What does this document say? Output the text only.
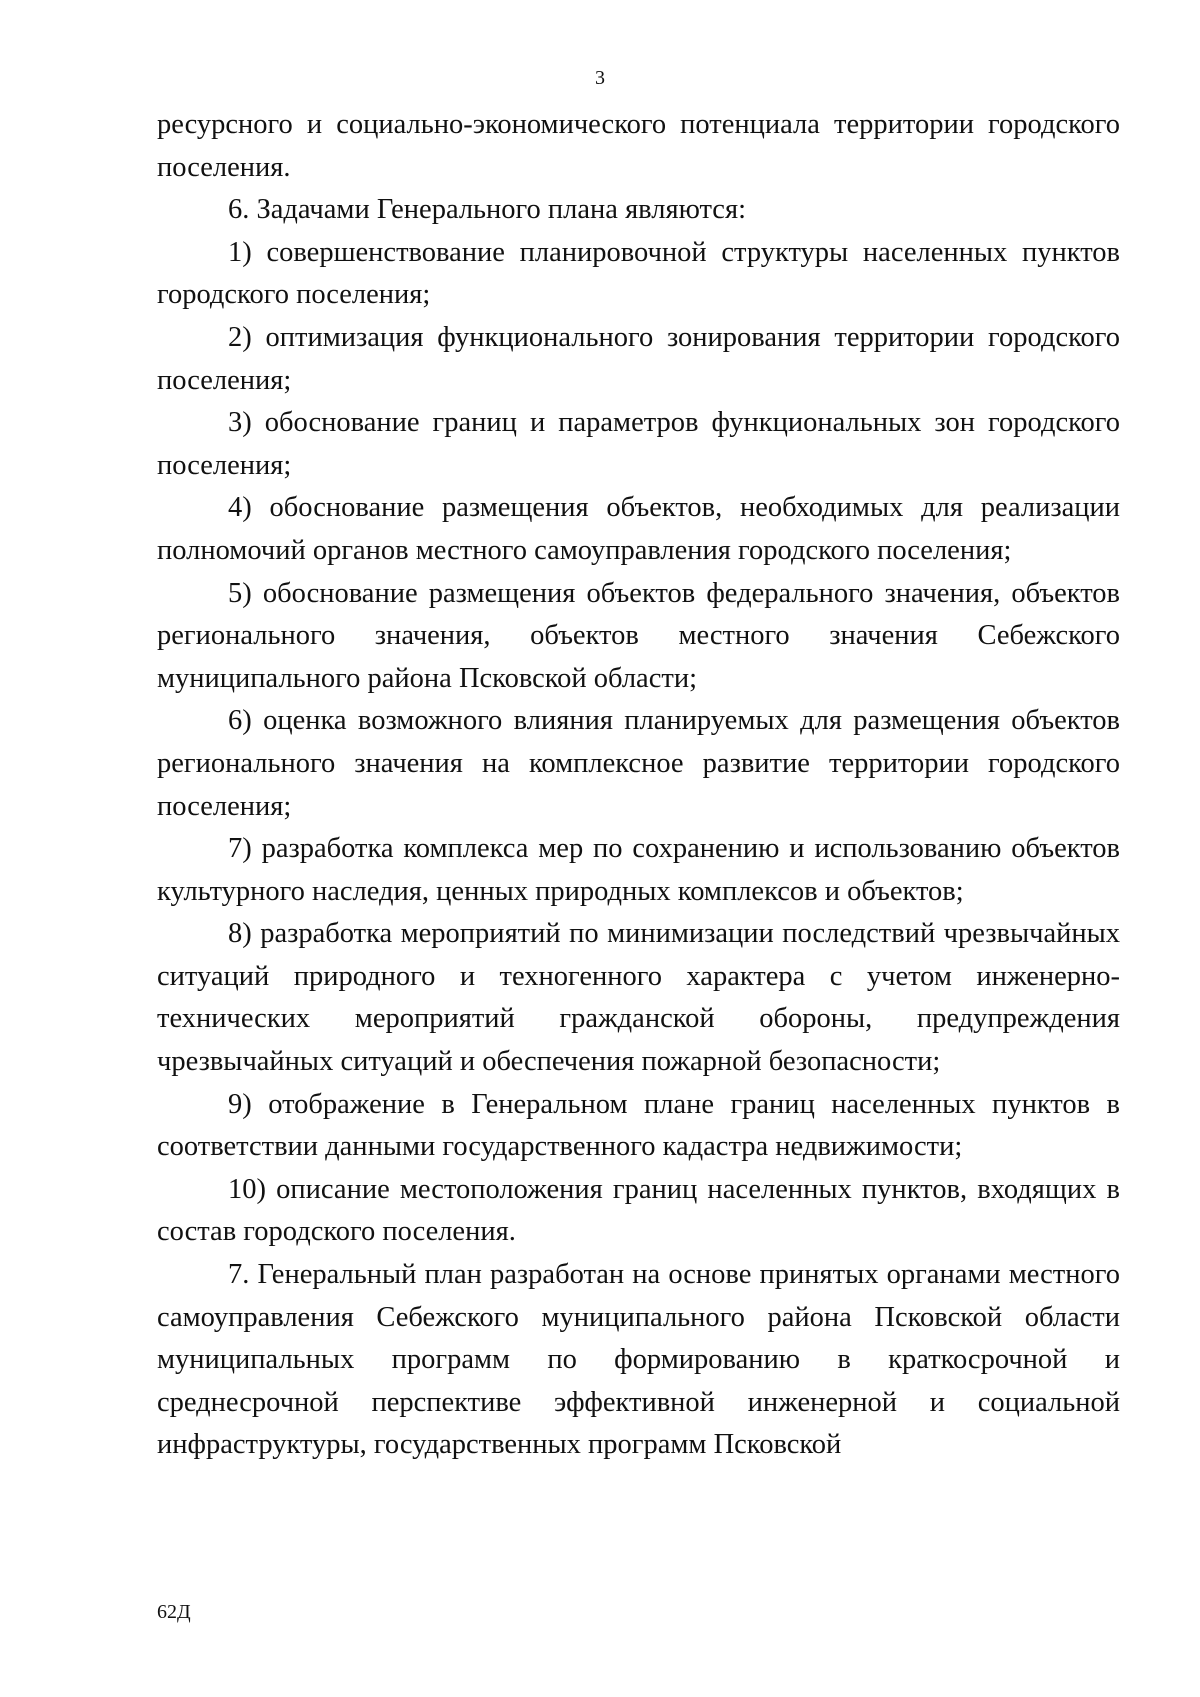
3

ресурсного и социально-экономического потенциала территории городского поселения.

6. Задачами Генерального плана являются:

1) совершенствование планировочной структуры населенных пунктов городского поселения;

2) оптимизация функционального зонирования территории городского поселения;

3) обоснование границ и параметров функциональных зон городского поселения;

4) обоснование размещения объектов, необходимых для реализации полномочий органов местного самоуправления городского поселения;

5) обоснование размещения объектов федерального значения, объектов регионального значения, объектов местного значения Себежского муниципального района Псковской области;

6) оценка возможного влияния планируемых для размещения объектов регионального значения на комплексное развитие территории городского поселения;

7) разработка комплекса мер по сохранению и использованию объектов культурного наследия, ценных природных комплексов и объектов;

8) разработка мероприятий по минимизации последствий чрезвычайных ситуаций природного и техногенного характера с учетом инженерно-технических мероприятий гражданской обороны, предупреждения чрезвычайных ситуаций и обеспечения пожарной безопасности;

9) отображение в Генеральном плане границ населенных пунктов в соответствии данными государственного кадастра недвижимости;

10) описание местоположения границ населенных пунктов, входящих в состав городского поселения.

7. Генеральный план разработан на основе принятых органами местного самоуправления Себежского муниципального района Псковской области муниципальных программ по формированию в краткосрочной и среднесрочной перспективе эффективной инженерной и социальной инфраструктуры, государственных программ Псковской

62Д
